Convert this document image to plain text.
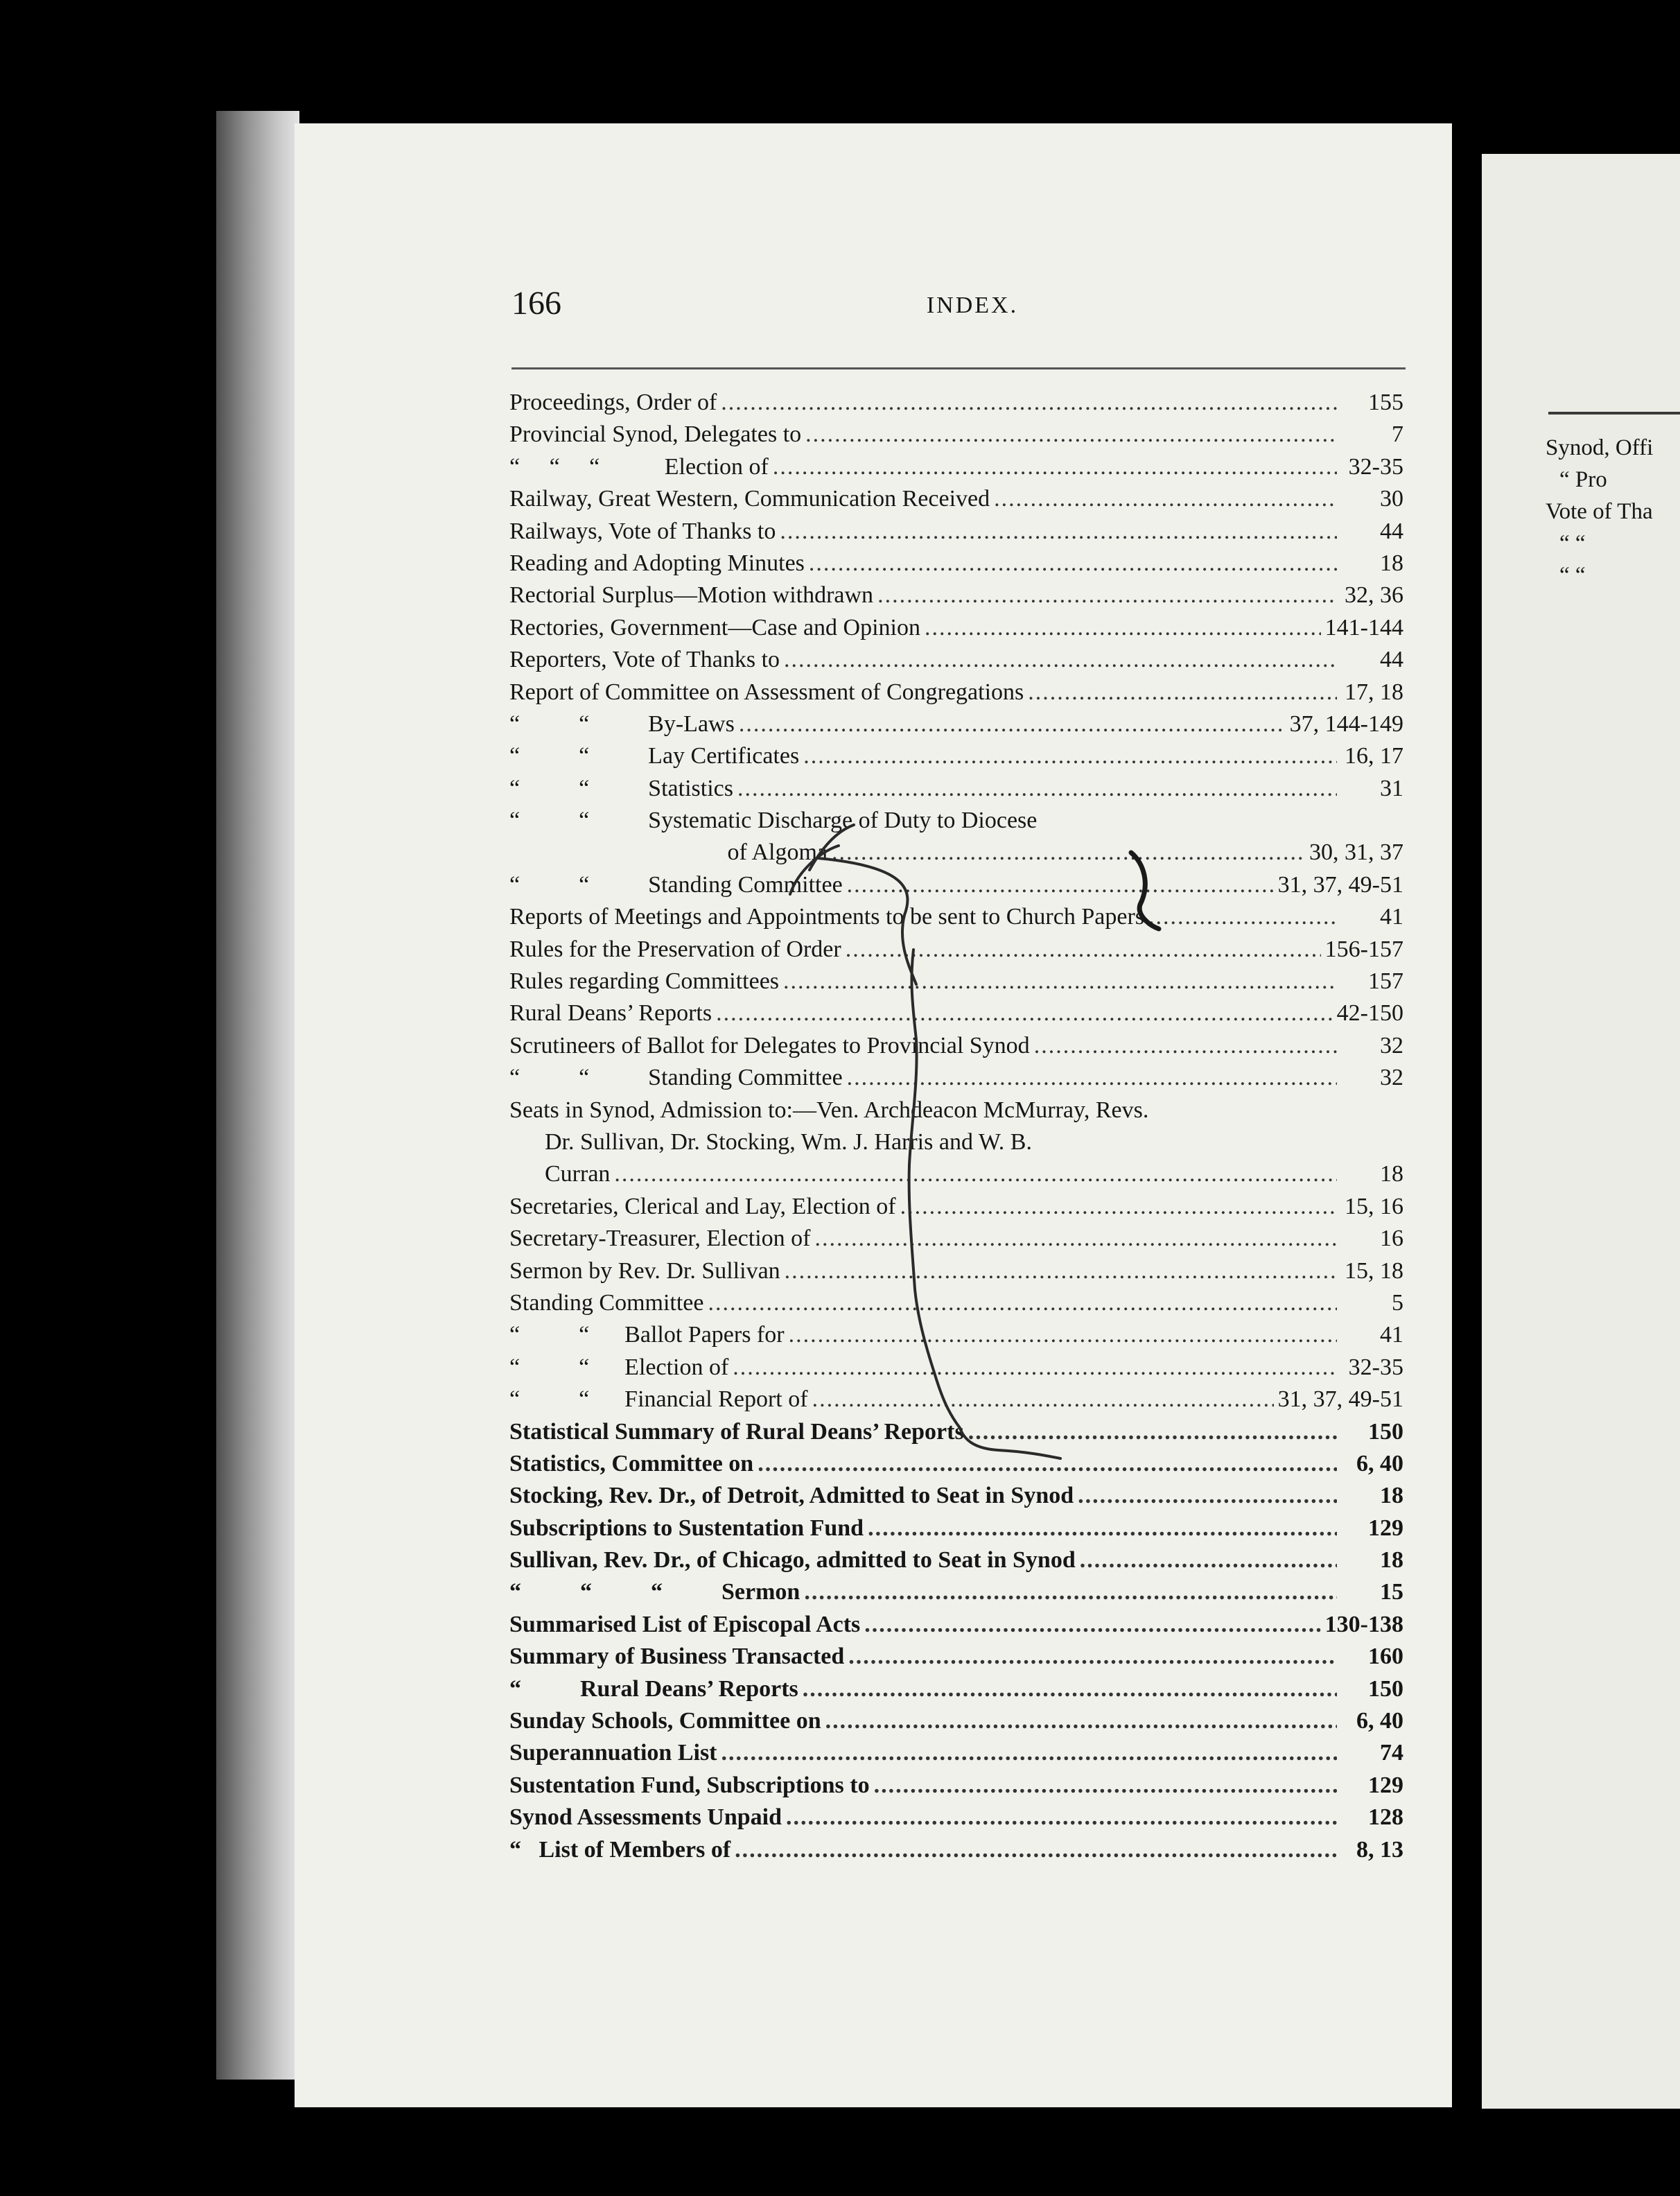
Synod, Offi
“ Pro
Vote of Tha
“ “
“ “
166	INDEX.
Proceedings, Order of .....	155
Provincial Synod, Delegates to .....	7
“     “     “           Election of .....	32-35
Railway, Great Western, Communication Received .....	30
Railways, Vote of Thanks to .....	44
Reading and Adopting Minutes .....	18
Rectorial Surplus—Motion withdrawn .....	32, 36
Rectories, Government—Case and Opinion .....	141-144
Reporters, Vote of Thanks to .....	44
Report of Committee on Assessment of Congregations .....	17, 18
“          “          By-Laws .....	37, 144-149
“          “          Lay Certificates .....	16, 17
“          “          Statistics .....	31
“          “          Systematic Discharge of Duty to Diocese
of Algoma .....	30, 31, 37
“          “          Standing Committee .....	31, 37, 49-51
Reports of Meetings and Appointments to be sent to Church Papers .....	41
Rules for the Preservation of Order .....	156-157
Rules regarding Committees .....	157
Rural Deans’ Reports .....	42-150
Scrutineers of Ballot for Delegates to Provincial Synod .....	32
“          “          Standing Committee .....	32
Seats in Synod, Admission to:—Ven. Archdeacon McMurray, Revs.
Dr. Sullivan, Dr. Stocking, Wm. J. Harris and W. B.
Curran .....	18
Secretaries, Clerical and Lay, Election of .....	15, 16
Secretary-Treasurer, Election of .....	16
Sermon by Rev. Dr. Sullivan .....	15, 18
Standing Committee .....	5
“          “      Ballot Papers for .....	41
“          “      Election of .....	32-35
“          “      Financial Report of .....	31, 37, 49-51
Statistical Summary of Rural Deans’ Reports .....	150
Statistics, Committee on .....	6, 40
Stocking, Rev. Dr., of Detroit, Admitted to Seat in Synod .....	18
Subscriptions to Sustentation Fund .....	129
Sullivan, Rev. Dr., of Chicago, admitted to Seat in Synod .....	18
“          “          “          Sermon .....	15
Summarised List of Episcopal Acts .....	130-138
Summary of Business Transacted .....	160
“          Rural Deans’ Reports .....	150
Sunday Schools, Committee on .....	6, 40
Superannuation List .....	74
Sustentation Fund, Subscriptions to .....	129
Synod Assessments Unpaid .....	128
“   List of Members of .....	8, 13
